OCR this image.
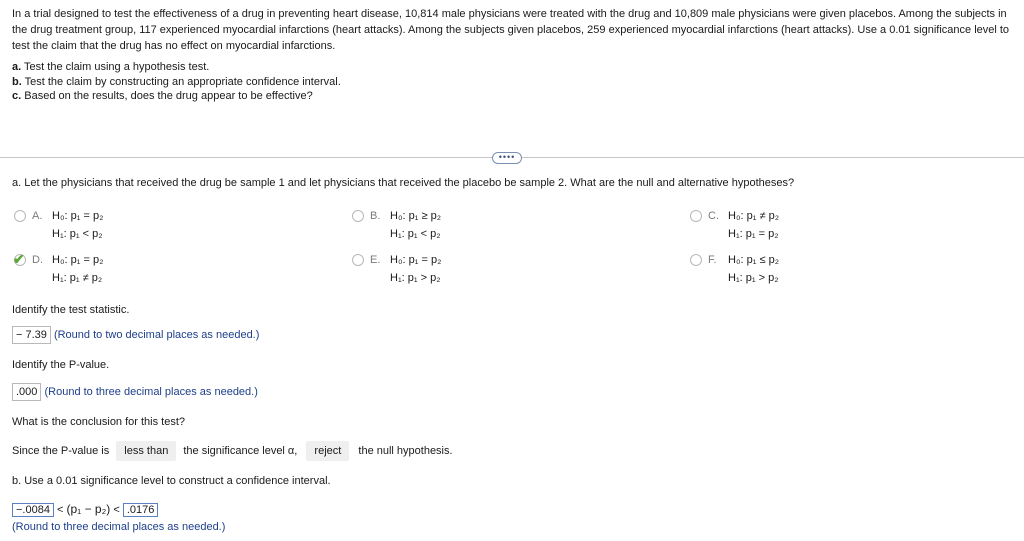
In a trial designed to test the effectiveness of a drug in preventing heart disease, 10,814 male physicians were treated with the drug and 10,809 male physicians were given placebos. Among the subjects in the drug treatment group, 117 experienced myocardial infarctions (heart attacks). Among the subjects given placebos, 259 experienced myocardial infarctions (heart attacks). Use a 0.01 significance level to test the claim that the drug has no effect on myocardial infarctions.
a. Test the claim using a hypothesis test.
b. Test the claim by constructing an appropriate confidence interval.
c. Based on the results, does the drug appear to be effective?
••••
a. Let the physicians that received the drug be sample 1 and let physicians that received the placebo be sample 2. What are the null and alternative hypotheses?
A. H₀: p₁ = p₂
H₁: p₁ < p₂
B. H₀: p₁ ≥ p₂
H₁: p₁ < p₂
C. H₀: p₁ ≠ p₂
H₁: p₁ = p₂
✔ D. H₀: p₁ = p₂
H₁: p₁ ≠ p₂
E. H₀: p₁ = p₂
H₁: p₁ > p₂
F. H₀: p₁ ≤ p₂
H₁: p₁ > p₂
Identify the test statistic.
− 7.39 (Round to two decimal places as needed.)
Identify the P-value.
.000 (Round to three decimal places as needed.)
What is the conclusion for this test?
Since the P-value is less than the significance level α, reject the null hypothesis.
b. Use a 0.01 significance level to construct a confidence interval.
−.0084 < (p₁ − p₂) < .0176
(Round to three decimal places as needed.)
